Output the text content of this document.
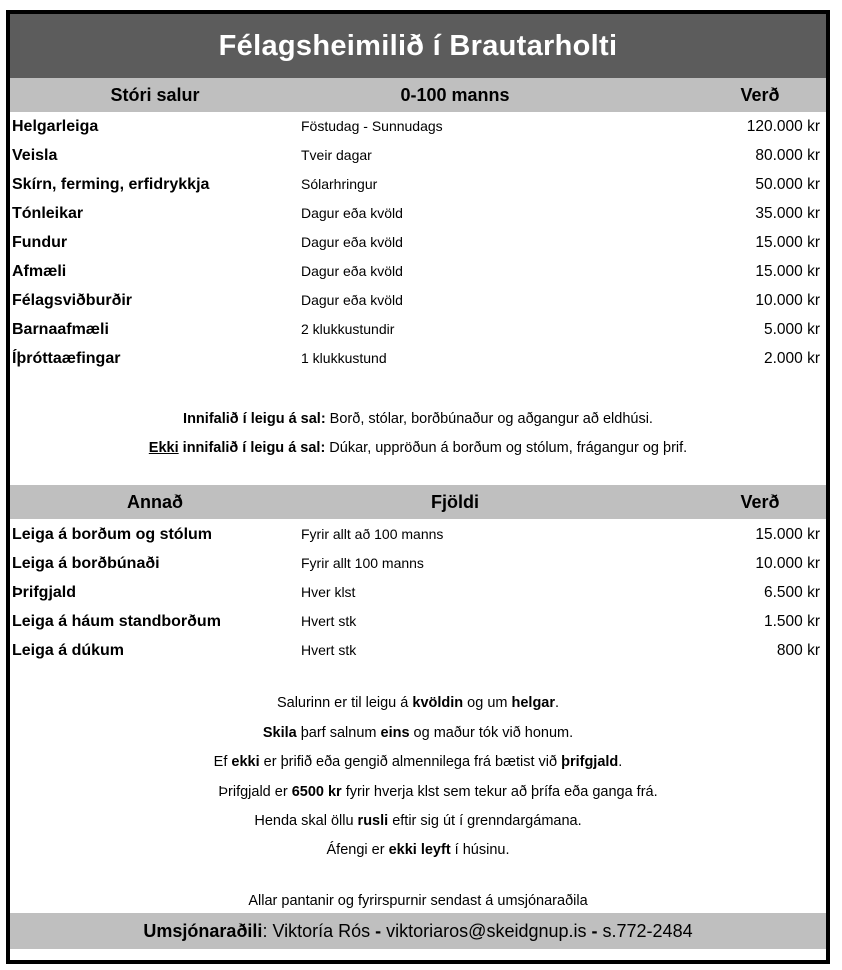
Félagsheimilið í Brautarholti
Stóri salur	0-100 manns	Verð
Helgarleiga	Föstudag - Sunnudags	120.000 kr
Veisla	Tveir dagar	80.000 kr
Skírn, ferming, erfidrykkja	Sólarhringur	50.000 kr
Tónleikar	Dagur eða kvöld	35.000 kr
Fundur	Dagur eða kvöld	15.000 kr
Afmæli	Dagur eða kvöld	15.000 kr
Félagsviðburðir	Dagur eða kvöld	10.000 kr
Barnaafmæli	2 klukkustundir	5.000 kr
Íþróttaæfingar	1 klukkustund	2.000 kr
Innifalið í leigu á sal: Borð, stólar, borðbúnaður og aðgangur að eldhúsi.
Ekki innifalið í leigu á sal: Dúkar, uppröðun á borðum og stólum, frágangur og þrif.
Annað	Fjöldi	Verð
Leiga á borðum og stólum	Fyrir allt að 100 manns	15.000 kr
Leiga á borðbúnaði	Fyrir allt 100 manns	10.000 kr
Þrifgjald	Hver klst	6.500 kr
Leiga á háum standborðum	Hvert stk	1.500 kr
Leiga á dúkum	Hvert stk	800 kr
Salurinn er til leigu á kvöldin og um helgar.
Skila þarf salnum eins og maður tók við honum.
Ef ekki er þrifið eða gengið almennilega frá bætist við þrifgjald.
Þrifgjald er 6500 kr fyrir hverja klst sem tekur að þrífa eða ganga frá.
Henda skal öllu rusli eftir sig út í grenndargámana.
Áfengi er ekki leyft í húsinu.
Allar pantanir og fyrirspurnir sendast á umsjónaraðila
Umsjónaraðili: Viktoría Rós - viktoriaros@skeidgnup.is - s.772-2484
